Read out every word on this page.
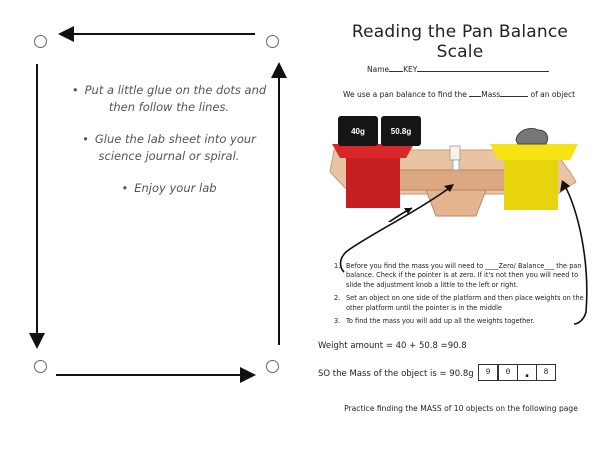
• Put a little glue on the dots and then follow the lines.
• Glue the lab sheet into your science journal or spiral.
• Enjoy your lab
Reading the Pan Balance Scale
Name KEY
We use a pan balance to find the Mass	of an object
40g	50.8g
1. Before you find the mass you will need to ____Zero/ Balance___ the pan balance. Check if the pointer is at zero. If it's not then you will need to slide the adjustment knob a little to the left or right.
2. Set an object on one side of the platform and then place weights on the other platform until the pointer is in the middle
3. To find the mass you will add up all the weights together.
Weight amount = 40 + 50.8 =90.8
SO the Mass of the object is = 90.8g	9	0 .	8
Practice finding the MASS of 10 objects on the following page
